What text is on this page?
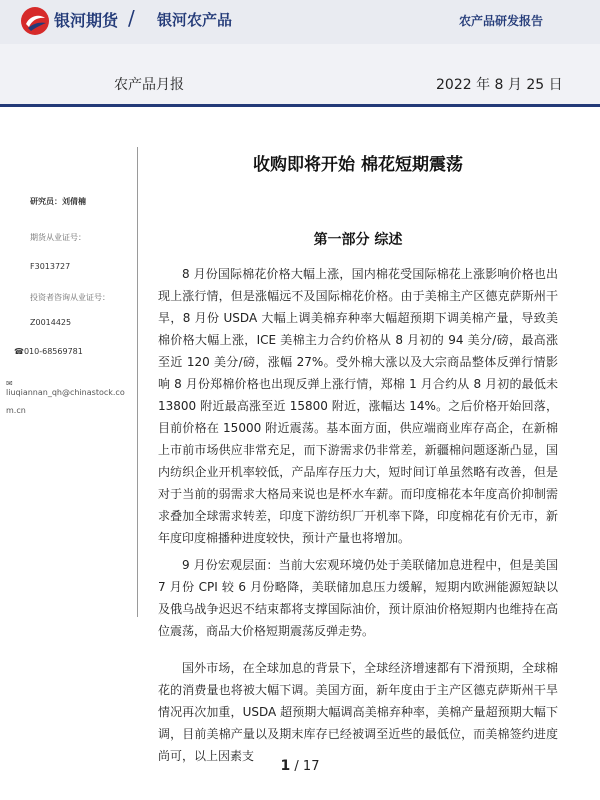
银河期货 / 银河农产品	农产品研发报告
农产品月报	2022 年 8 月 25 日
收购即将开始 棉花短期震荡
研究员：刘倩楠
期货从业证号：
F3013727
投资者咨询从业证号：
Z0014425
☎010-68569781
✉liuqiannan_qh@chinastock.co
m.cn
第一部分 综述

8 月份国际棉花价格大幅上涨，国内棉花受国际棉花上涨影响价格也出现上涨行情，但是涨幅远不及国际棉花价格。由于美棉主产区德克萨斯州干旱，8 月份 USDA 大幅上调美棉弃种率大幅超预期下调美棉产量，导致美棉价格大幅上涨，ICE 美棉主力合约价格从 8 月初的 94 美分/磅，最高涨至近 120 美分/磅，涨幅 27%。受外棉大涨以及大宗商品整体反弹行情影响 8 月份郑棉价格也出现反弹上涨行情，郑棉 1 月合约从 8 月初的最低未 13800 附近最高涨至近 15800 附近，涨幅达 14%。之后价格开始回落，目前价格在 15000 附近震荡。基本面方面，供应端商业库存高企，在新棉上市前市场供应非常充足，而下游需求仍非常差，新疆棉问题逐渐凸显，国内纺织企业开机率较低，产品库存压力大，短时间订单虽然略有改善，但是对于当前的弱需求大格局来说也是杯水车薪。而印度棉花本年度高价抑制需求叠加全球需求转差，印度下游纺织厂开机率下降，印度棉花有价无市，新年度印度棉播种进度较快，预计产量也将增加。

9 月份宏观层面：当前大宏观环境仍处于美联储加息进程中，但是美国 7 月份 CPI 较 6 月份略降，美联储加息压力缓解，短期内欧洲能源短缺以及俄乌战争迟迟不结束都将支撑国际油价，预计原油价格短期内也维持在高位震荡，商品大价格短期震荡反弹走势。

国外市场，在全球加息的背景下，全球经济增速都有下滑预期，全球棉花的消费量也将被大幅下调。美国方面，新年度由于主产区德克萨斯州干旱情况再次加重，USDA 超预期大幅调高美棉弃种率，美棉产量超预期大幅下调，目前美棉产量以及期末库存已经被调至近些的最低位，而美棉签约进度尚可，以上因素支

1 / 17
